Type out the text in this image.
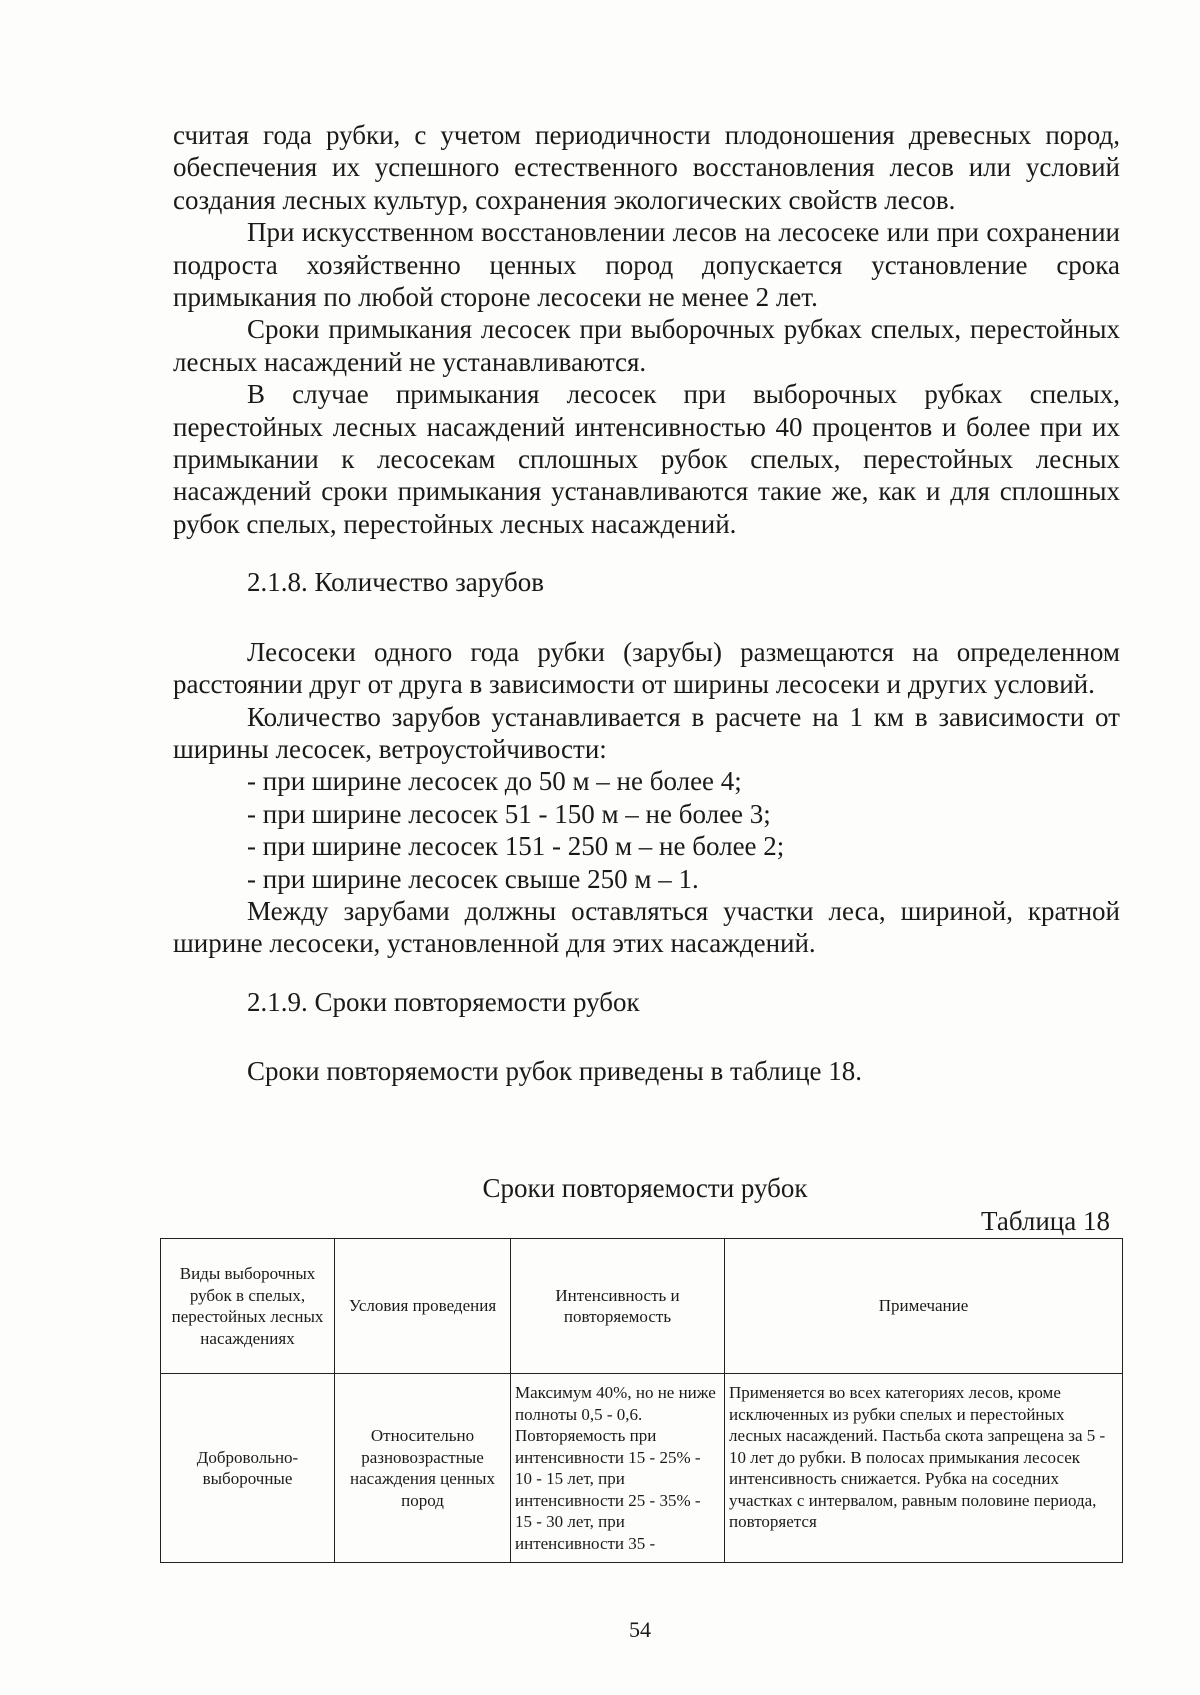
считая года рубки, с учетом периодичности плодоношения древесных пород, обеспечения их успешного естественного восстановления лесов или условий создания лесных культур, сохранения экологических свойств лесов.

При искусственном восстановлении лесов на лесосеке или при сохранении подроста хозяйственно ценных пород допускается установление срока примыкания по любой стороне лесосеки не менее 2 лет.

Сроки примыкания лесосек при выборочных рубках спелых, перестойных лесных насаждений не устанавливаются.

В случае примыкания лесосек при выборочных рубках спелых, перестойных лесных насаждений интенсивностью 40 процентов и более при их примыкании к лесосекам сплошных рубок спелых, перестойных лесных насаждений сроки примыкания устанавливаются такие же, как и для сплошных рубок спелых, перестойных лесных насаждений.

2.1.8. Количество зарубов

Лесосеки одного года рубки (зарубы) размещаются на определенном расстоянии друг от друга в зависимости от ширины лесосеки и других условий.

Количество зарубов устанавливается в расчете на 1 км в зависимости от ширины лесосек, ветроустойчивости:

- при ширине лесосек до 50 м – не более 4;
- при ширине лесосек 51 - 150 м – не более 3;
- при ширине лесосек 151 - 250 м – не более 2;
- при ширине лесосек свыше 250 м – 1.

Между зарубами должны оставляться участки леса, шириной, кратной ширине лесосеки, установленной для этих насаждений.

2.1.9. Сроки повторяемости рубок

Сроки повторяемости рубок приведены в таблице 18.

Сроки повторяемости рубок
Таблица 18
Виды выборочных рубок в спелых, перестойных лесных насаждениях	Условия проведения	Интенсивность и повторяемость	Примечание
Добровольно-выборочные	Относительно разновозрастные насаждения ценных пород	Максимум 40%, но не ниже полноты 0,5 - 0,6. Повторяемость при интенсивности 15 - 25% - 10 - 15 лет, при интенсивности 25 - 35% - 15 - 30 лет, при интенсивности 35 -	Применяется во всех категориях лесов, кроме исключенных из рубки спелых и перестойных лесных насаждений. Пастьба скота запрещена за 5 - 10 лет до рубки. В полосах примыкания лесосек интенсивность снижается. Рубка на соседних участках с интервалом, равным половине периода, повторяется
54
